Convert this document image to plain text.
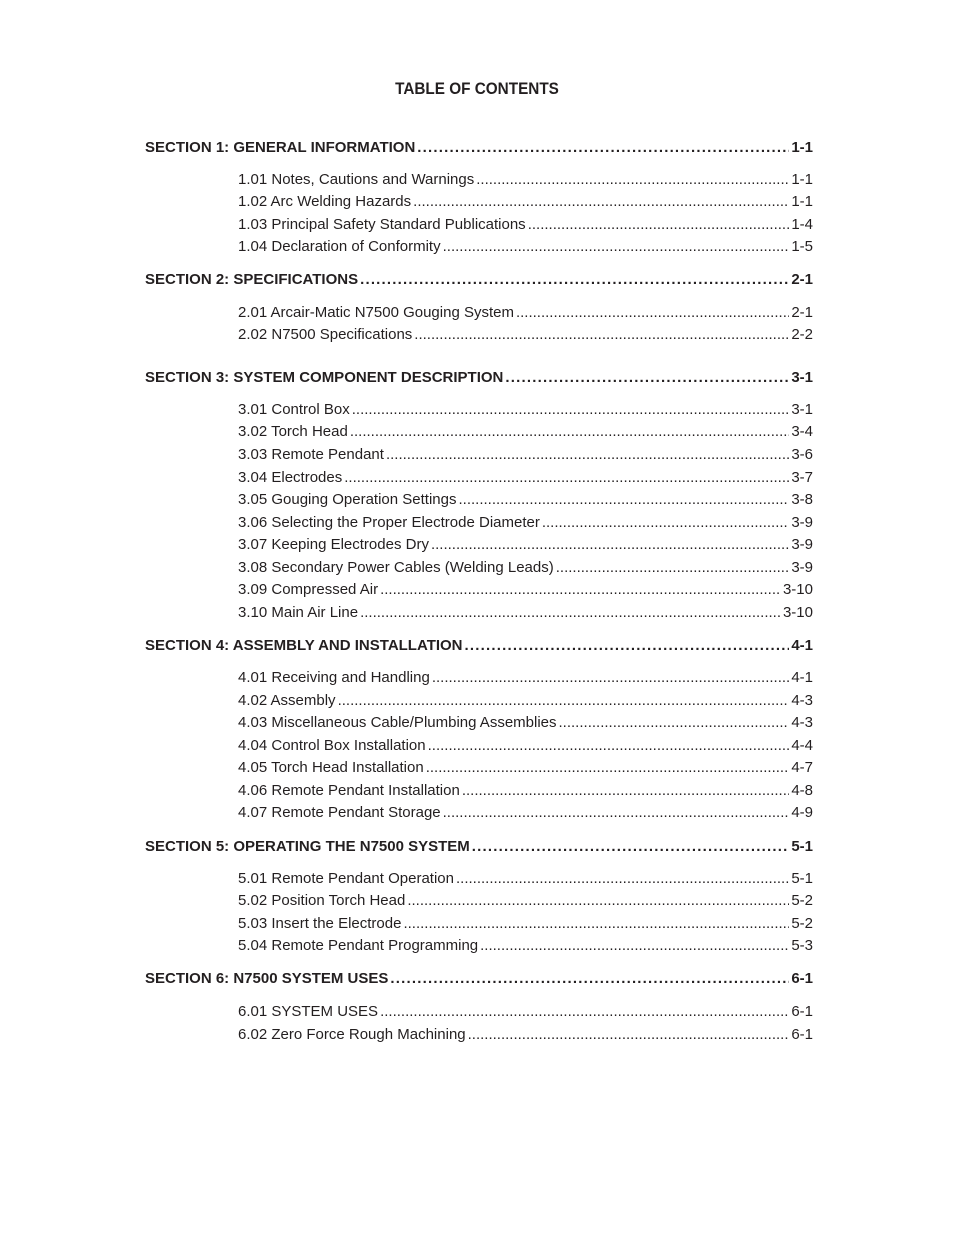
TABLE OF CONTENTS
SECTION 1: GENERAL INFORMATION .....	1-1
1.01 Notes, Cautions and Warnings .....	1-1
1.02 Arc Welding Hazards .....	1-1
1.03 Principal Safety Standard Publications .....	1-4
1.04 Declaration of Conformity .....	1-5
SECTION 2: SPECIFICATIONS .....	2-1
2.01 Arcair-Matic N7500 Gouging System .....	2-1
2.02 N7500 Specifications .....	2-2
SECTION 3: SYSTEM COMPONENT DESCRIPTION .....	3-1
3.01 Control Box .....	3-1
3.02 Torch Head .....	3-4
3.03 Remote Pendant .....	3-6
3.04 Electrodes .....	3-7
3.05 Gouging Operation Settings .....	3-8
3.06 Selecting the Proper Electrode Diameter .....	3-9
3.07 Keeping Electrodes Dry .....	3-9
3.08 Secondary Power Cables (Welding Leads) .....	3-9
3.09 Compressed Air .....	3-10
3.10 Main Air Line .....	3-10
SECTION 4: ASSEMBLY AND INSTALLATION .....	4-1
4.01 Receiving and Handling .....	4-1
4.02 Assembly .....	4-3
4.03 Miscellaneous Cable/Plumbing Assemblies .....	4-3
4.04 Control Box Installation .....	4-4
4.05 Torch Head Installation .....	4-7
4.06 Remote Pendant Installation .....	4-8
4.07 Remote Pendant Storage .....	4-9
SECTION 5: OPERATING THE N7500 SYSTEM .....	5-1
5.01 Remote Pendant Operation .....	5-1
5.02 Position Torch Head .....	5-2
5.03 Insert the Electrode .....	5-2
5.04 Remote Pendant Programming .....	5-3
SECTION 6: N7500 SYSTEM USES .....	6-1
6.01 SYSTEM USES .....	6-1
6.02 Zero Force Rough Machining .....	6-1
